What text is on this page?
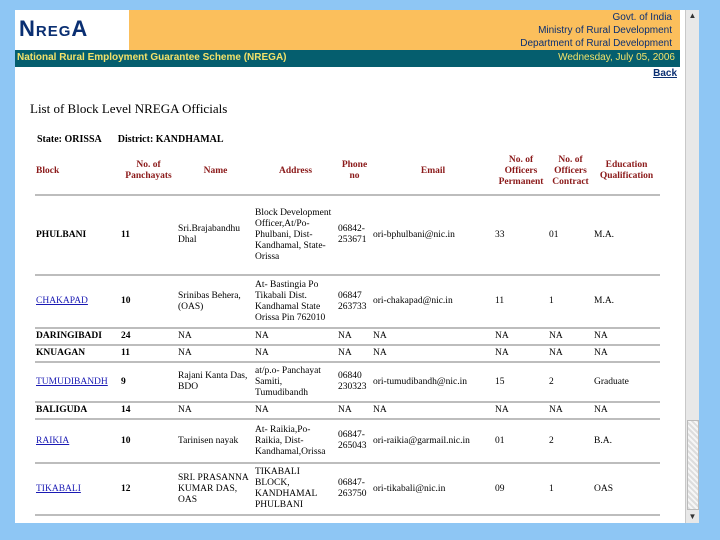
NREGA	Govt. of India
Ministry of Rural Development
Department of Rural Development
National Rural Employment Guarantee Scheme (NREGA)	Wednesday, July 05, 2006
Back
List of Block Level NREGA Officials
State: ORISSA District: KANDHAMAL
Block	No. of Panchayats	Name	Address	Phone no	Email	No. of Officers Permanent	No. of Officers Contract	Education Qualification
PHULBANI	11	Sri.Brajabandhu Dhal	Block Development Officer,At/Po-Phulbani, Dist-Kandhamal, State-Orissa	06842-253671	ori-bphulbani@nic.in	33	01	M.A.
CHAKAPAD	10	Srinibas Behera, (OAS)	At- Bastingia Po Tikabali Dist. Kandhamal State Orissa Pin 762010	06847 263733	ori-chakapad@nic.in	11	1	M.A.
DARINGIBADI	24	NA	NA	NA	NA	NA	NA	NA
KNUAGAN	11	NA	NA	NA	NA	NA	NA	NA
TUMUDIBANDH	9	Rajani Kanta Das, BDO	at/p.o- Panchayat Samiti, Tumudibandh	06840 230323	ori-tumudibandh@nic.in	15	2	Graduate
BALIGUDA	14	NA	NA	NA	NA	NA	NA	NA
RAIKIA	10	Tarinisen nayak	At- Raikia,Po-Raikia, Dist-Kandhamal,Orissa	06847-265043	ori-raikia@garmail.nic.in	01	2	B.A.
TIKABALI	12	SRI. PRASANNA KUMAR DAS, OAS	TIKABALI BLOCK, KANDHAMAL PHULBANI	06847-263750	ori-tikabali@nic.in	09	1	OAS
▲
▼
